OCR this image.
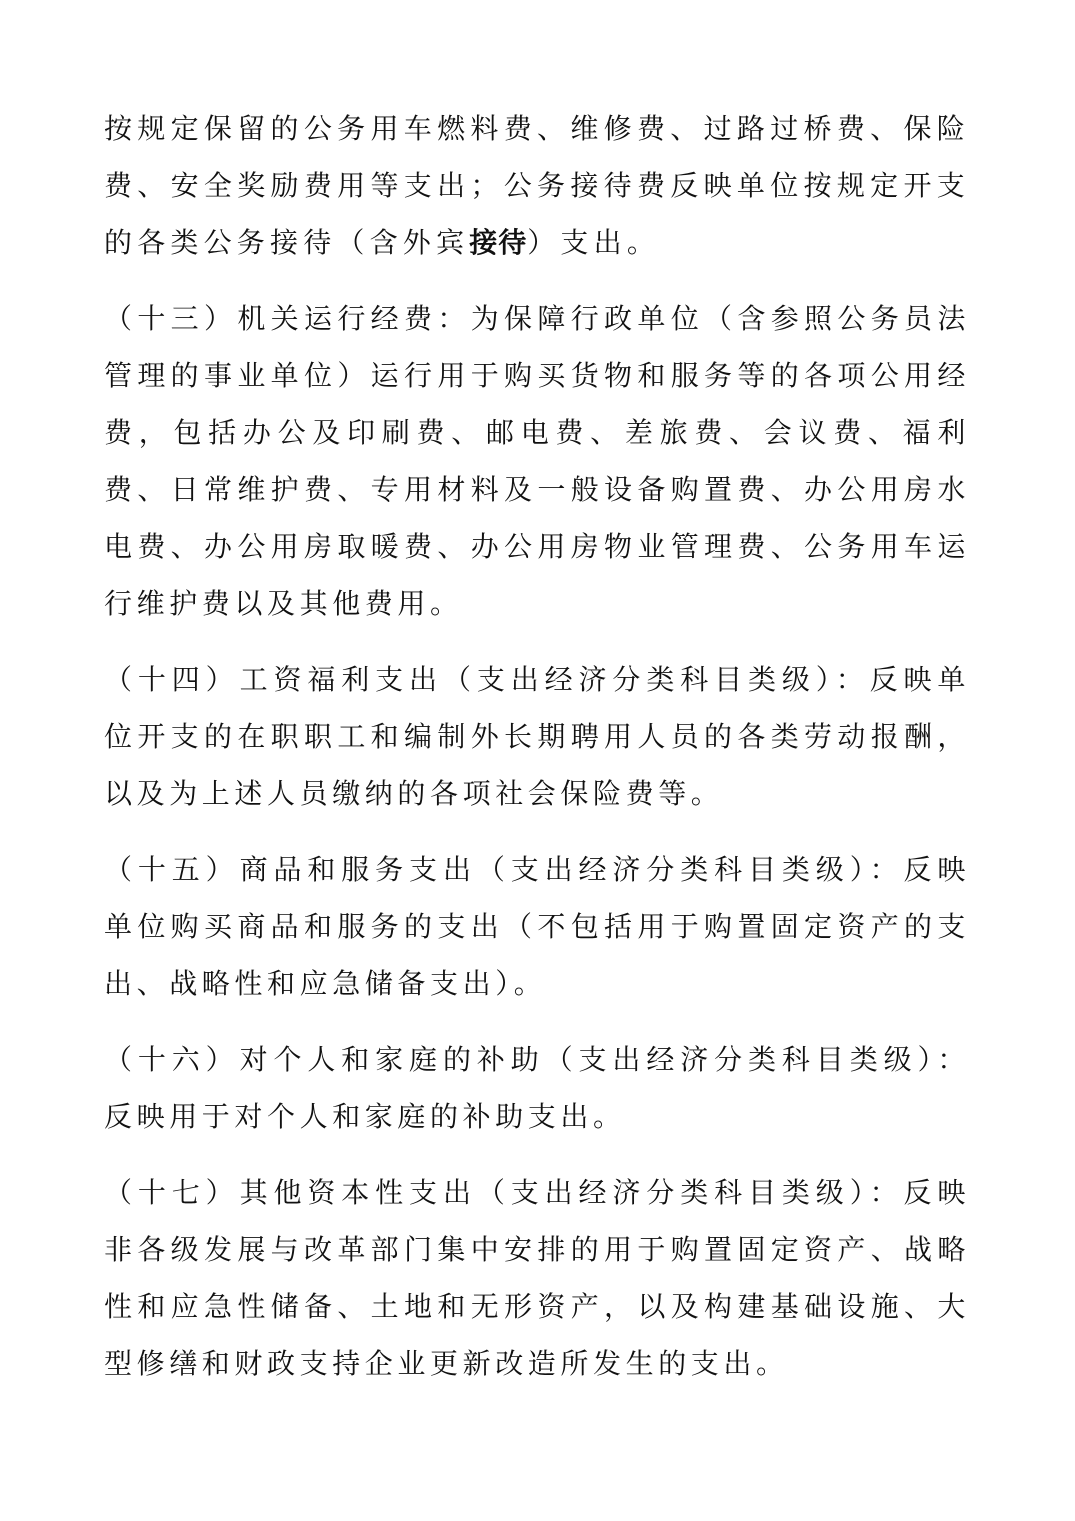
按规定保留的公务用车燃料费、维修费、过路过桥费、保险费、安全奖励费用等支出；公务接待费反映单位按规定开支的各类公务接待（含外宾接待）支出。

（十三）机关运行经费：为保障行政单位（含参照公务员法管理的事业单位）运行用于购买货物和服务等的各项公用经费，包括办公及印刷费、邮电费、差旅费、会议费、福利费、日常维护费、专用材料及一般设备购置费、办公用房水电费、办公用房取暖费、办公用房物业管理费、公务用车运行维护费以及其他费用。

（十四）工资福利支出（支出经济分类科目类级）：反映单位开支的在职职工和编制外长期聘用人员的各类劳动报酬，以及为上述人员缴纳的各项社会保险费等。

（十五）商品和服务支出（支出经济分类科目类级）：反映单位购买商品和服务的支出（不包括用于购置固定资产的支出、战略性和应急储备支出）。

（十六）对个人和家庭的补助（支出经济分类科目类级）：反映用于对个人和家庭的补助支出。

（十七）其他资本性支出（支出经济分类科目类级）：反映非各级发展与改革部门集中安排的用于购置固定资产、战略性和应急性储备、土地和无形资产，以及构建基础设施、大型修缮和财政支持企业更新改造所发生的支出。
